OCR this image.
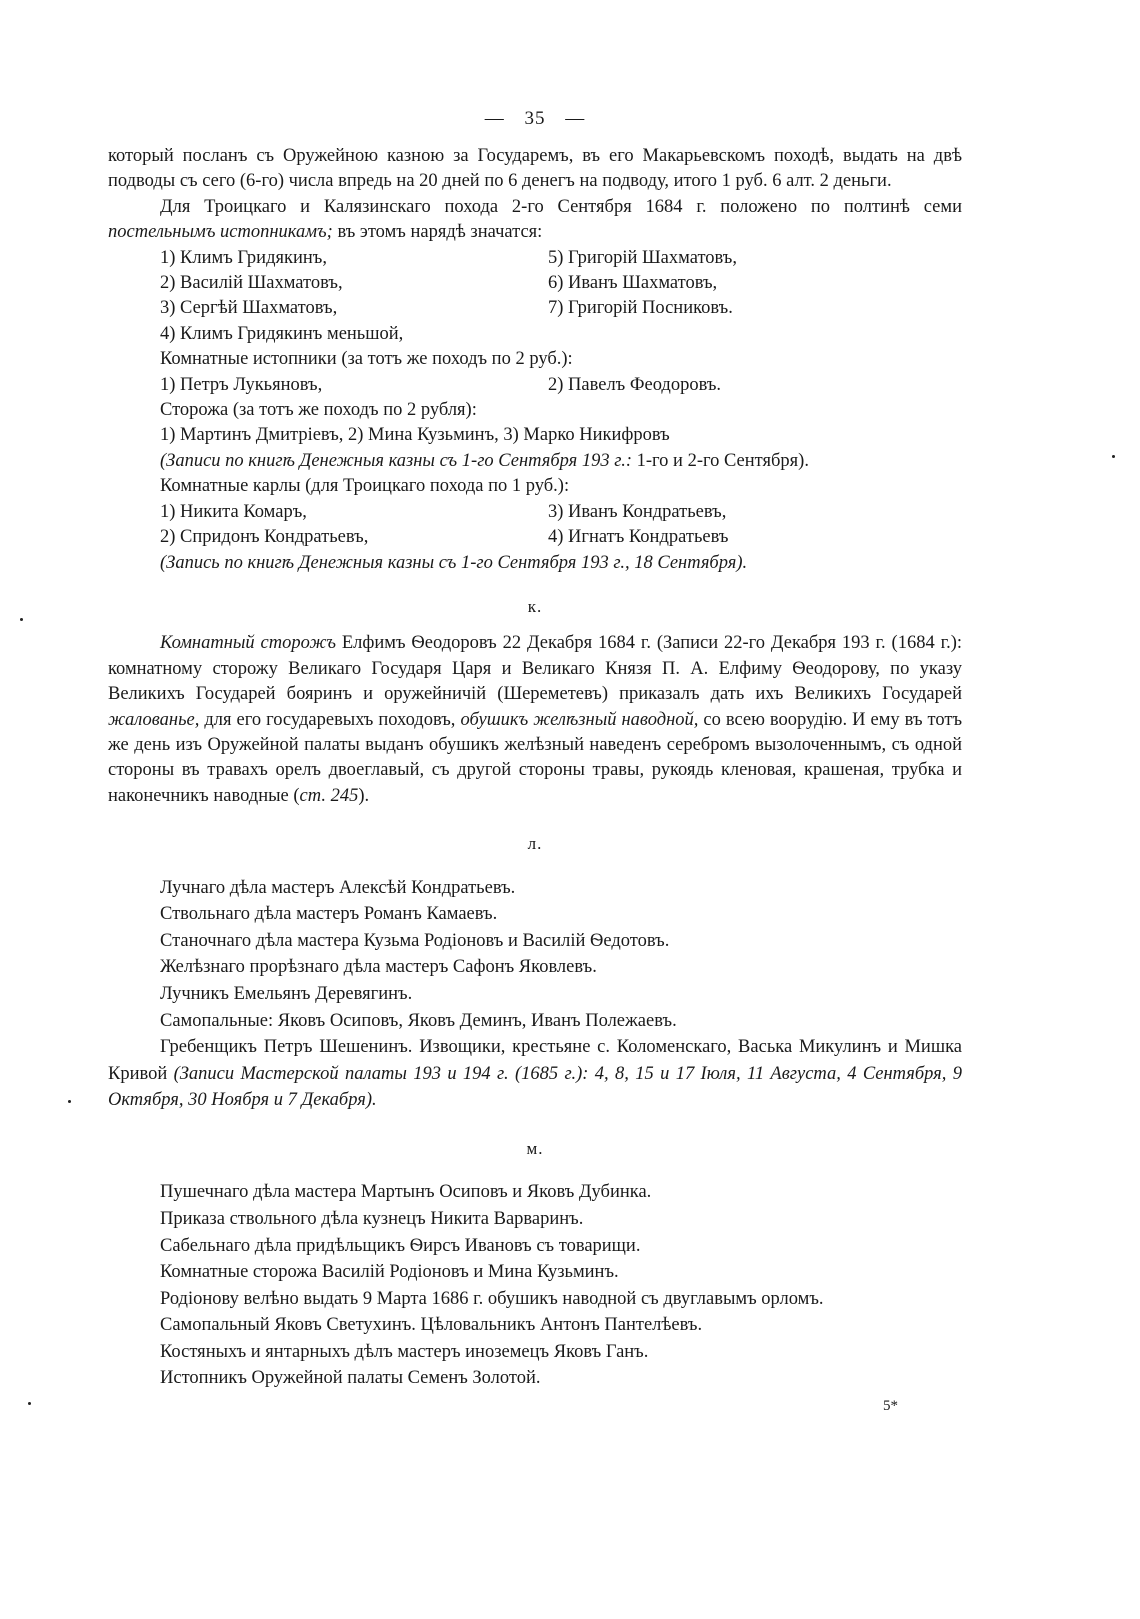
— 35 —

который посланъ съ Оружейною казною за Государемъ, въ его Макарьевскомъ походѣ, выдать на двѣ подводы съ сего (6-го) числа впредь на 20 дней по 6 денегъ на подводу, итого 1 руб. 6 алт. 2 деньги.

Для Троицкаго и Калязинскаго похода 2-го Сентября 1684 г. положено по полтинѣ семи постельнымъ истопникамъ; въ этомъ нарядѣ значатся:

1) Климъ Гридякинъ,	5) Григорій Шахматовъ,
2) Василій Шахматовъ,	6) Иванъ Шахматовъ,
3) Сергѣй Шахматовъ,	7) Григорій Посниковъ.
4) Климъ Гридякинъ меньшой,
Комнатные истопники (за тотъ же походъ по 2 руб.):
1) Петръ Лукьяновъ,	2) Павелъ Феодоровъ.
Сторожа (за тотъ же походъ по 2 рубля):
1) Мартинъ Дмитріевъ, 2) Мина Кузьминъ, 3) Марко Никифровъ
(Записи по книгѣ Денежныя казны съ 1-го Сентября 193 г.: 1-го и 2-го Сентября).
Комнатные карлы (для Троицкаго похода по 1 руб.):
1) Никита Комаръ,	3) Иванъ Кондратьевъ,
2) Спридонъ Кондратьевъ,	4) Игнатъ Кондратьевъ
(Запись по книгѣ Денежныя казны съ 1-го Сентября 193 г., 18 Сентября).
к.

Комнатный сторожъ Елфимъ Ѳеодоровъ 22 Декабря 1684 г. (Записи 22-го Декабря 193 г. (1684 г.): комнатному сторожу Великаго Государя Царя и Великаго Князя П. А. Елфиму Ѳеодорову, по указу Великихъ Государей бояринъ и оружейничій (Шереметевъ) приказалъ дать ихъ Великихъ Государей жалованье, для его государевыхъ походовъ, обушикъ желѣзный наводной, со всею воорудію. И ему въ тотъ же день изъ Оружейной палаты выданъ обушикъ желѣзный наведенъ серебромъ вызолоченнымъ, съ одной стороны въ травахъ орелъ двоеглавый, съ другой стороны травы, рукоядь кленовая, крашеная, трубка и наконечникъ наводные (ст. 245).

л.

Лучнаго дѣла мастеръ Алексѣй Кондратьевъ.

Ствольнаго дѣла мастеръ Романъ Камаевъ.

Станочнаго дѣла мастера Кузьма Родіоновъ и Василій Ѳедотовъ.

Желѣзнаго прорѣзнаго дѣла мастеръ Сафонъ Яковлевъ.

Лучникъ Емельянъ Деревягинъ.

Самопальные: Яковъ Осиповъ, Яковъ Деминъ, Иванъ Полежаевъ.

Гребенщикъ Петръ Шешенинъ. Извощики, крестьяне с. Коломенскаго, Васька Микулинъ и Мишка Кривой (Записи Мастерской палаты 193 и 194 г. (1685 г.): 4, 8, 15 и 17 Іюля, 11 Августа, 4 Сентября, 9 Октября, 30 Ноября и 7 Декабря).

м.

Пушечнаго дѣла мастера Мартынъ Осиповъ и Яковъ Дубинка.

Приказа ствольного дѣла кузнецъ Никита Варваринъ.

Сабельнаго дѣла придѣльщикъ Ѳирсъ Ивановъ съ товарищи.

Комнатные сторожа Василій Родіоновъ и Мина Кузьминъ.

Родіонову велѣно выдать 9 Марта 1686 г. обушикъ наводной съ двуглавымъ орломъ.

Самопальный Яковъ Светухинъ. Цѣловальникъ Антонъ Пантелѣевъ.

Костяныхъ и янтарныхъ дѣлъ мастеръ иноземецъ Яковъ Ганъ.

Истопникъ Оружейной палаты Семенъ Золотой.

5*
